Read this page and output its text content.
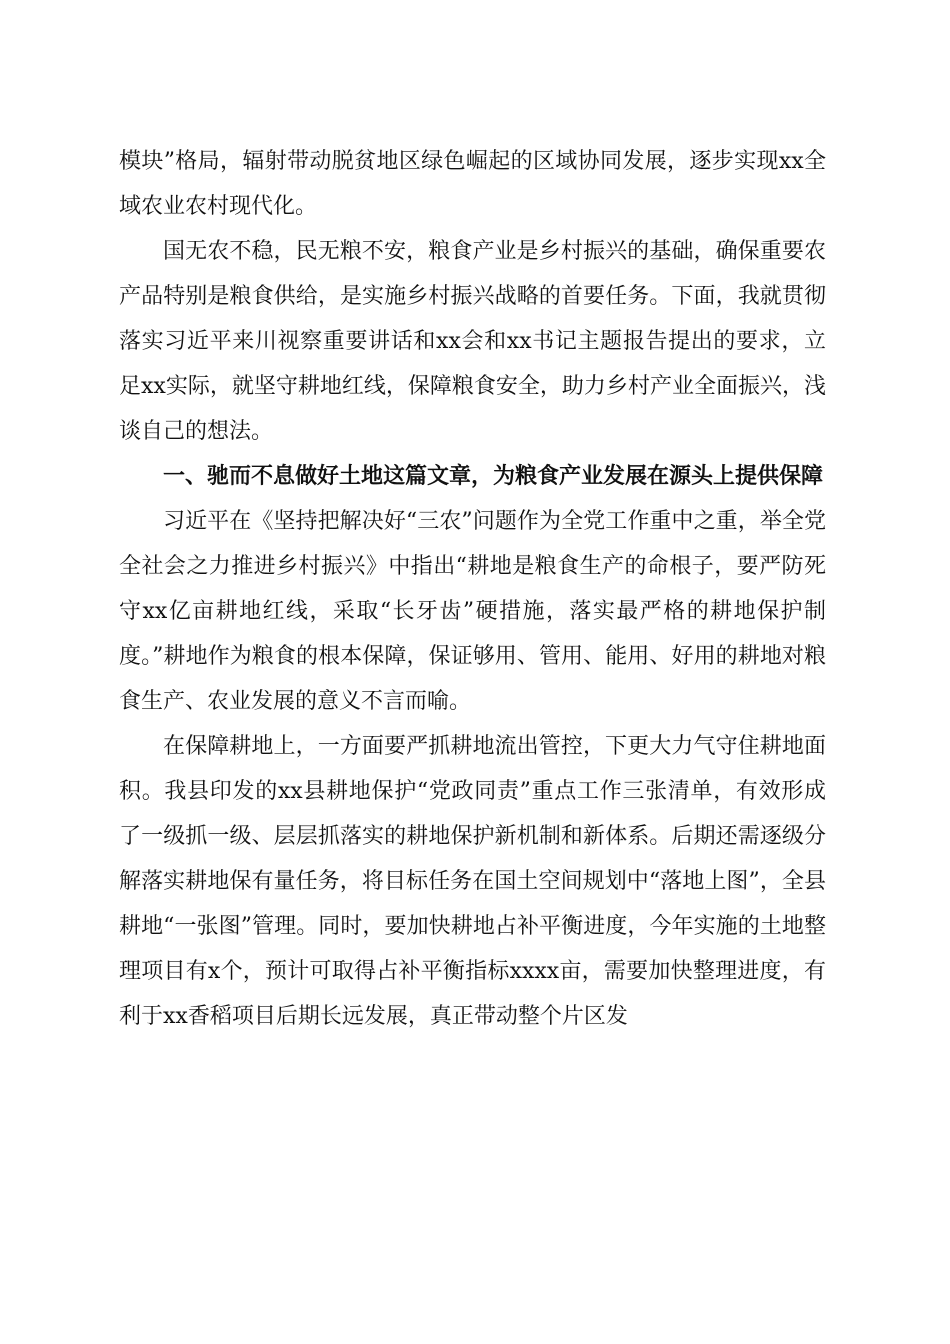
模块”格局，辐射带动脱贫地区绿色崛起的区域协同发展，逐步实现xx全域农业农村现代化。

国无农不稳，民无粮不安，粮食产业是乡村振兴的基础，确保重要农产品特别是粮食供给，是实施乡村振兴战略的首要任务。下面，我就贯彻落实习近平来川视察重要讲话和xx会和xx书记主题报告提出的要求，立足xx实际，就坚守耕地红线，保障粮食安全，助力乡村产业全面振兴，浅谈自己的想法。

一、驰而不息做好土地这篇文章，为粮食产业发展在源头上提供保障

习近平在《坚持把解决好“三农”问题作为全党工作重中之重，举全党全社会之力推进乡村振兴》中指出“耕地是粮食生产的命根子，要严防死守xx亿亩耕地红线，采取“长牙齿”硬措施，落实最严格的耕地保护制度。”耕地作为粮食的根本保障，保证够用、管用、能用、好用的耕地对粮食生产、农业发展的意义不言而喻。

在保障耕地上，一方面要严抓耕地流出管控，下更大力气守住耕地面积。我县印发的xx县耕地保护“党政同责”重点工作三张清单，有效形成了一级抓一级、层层抓落实的耕地保护新机制和新体系。后期还需逐级分解落实耕地保有量任务，将目标任务在国土空间规划中“落地上图”，全县耕地“一张图”管理。同时，要加快耕地占补平衡进度，今年实施的土地整理项目有x个，预计可取得占补平衡指标xxxx亩，需要加快整理进度，有利于xx香稻项目后期长远发展，真正带动整个片区发
